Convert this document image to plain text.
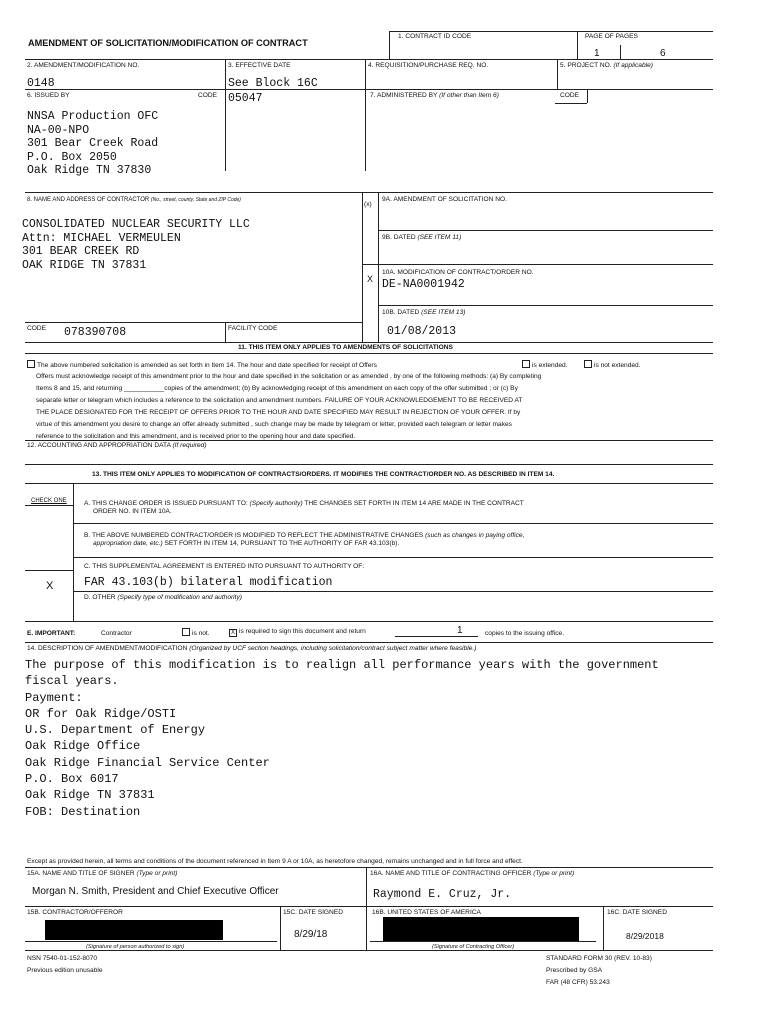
AMENDMENT OF SOLICITATION/MODIFICATION OF CONTRACT
1. CONTRACT ID CODE	PAGE OF PAGES
1	6
2. AMENDMENT/MODIFICATION NO.	3. EFFECTIVE DATE	4. REQUISITION/PURCHASE REQ. NO.	5. PROJECT NO. (If applicable)
0148	See Block 16C
6. ISSUED BY	CODE 05047	7. ADMINISTERED BY (If other than Item 6)	CODE
NNSA Production OFC
NA-00-NPO
301 Bear Creek Road
P.O. Box 2050
Oak Ridge TN 37830
8. NAME AND ADDRESS OF CONTRACTOR (No., street, county, State and ZIP Code)
(x)
9A. AMENDMENT OF SOLICITATION NO.
9B. DATED (SEE ITEM 11)
X
10A. MODIFICATION OF CONTRACT/ORDER NO.
DE-NA0001942
10B. DATED (SEE ITEM 13)
01/08/2013
CONSOLIDATED NUCLEAR SECURITY LLC
Attn: MICHAEL VERMEULEN
301 BEAR CREEK RD
OAK RIDGE TN 37831
CODE 078390708	FACILITY CODE
11. THIS ITEM ONLY APPLIES TO AMENDMENTS OF SOLICITATIONS
The above numbered solicitation is amended as set forth in Item 14. The hour and date specified for receipt of Offers	is extended.	is not extended.
Offers must acknowledge receipt of this amendment prior to the hour and date specified in the solicitation or as amended , by one of the following methods: (a) By completing
Items 8 and 15, and returning ___________copies of the amendment; (b) By acknowledging receipt of this amendment on each copy of the offer submitted ; or (c) By
separate letter or telegram which includes a reference to the solicitation and amendment numbers. FAILURE OF YOUR ACKNOWLEDGEMENT TO BE RECEIVED AT
THE PLACE DESIGNATED FOR THE RECEIPT OF OFFERS PRIOR TO THE HOUR AND DATE SPECIFIED MAY RESULT IN REJECTION OF YOUR OFFER. If by
virtue of this amendment you desire to change an offer already submitted , such change may be made by telegram or letter, provided each telegram or letter makes
reference to the solicitation and this amendment, and is received prior to the opening hour and date specified.
12. ACCOUNTING AND APPROPRIATION DATA (If required)
13. THIS ITEM ONLY APPLIES TO MODIFICATION OF CONTRACTS/ORDERS. IT MODIFIES THE CONTRACT/ORDER NO. AS DESCRIBED IN ITEM 14.
CHECK ONE	A. THIS CHANGE ORDER IS ISSUED PURSUANT TO: (Specify authority) THE CHANGES SET FORTH IN ITEM 14 ARE MADE IN THE CONTRACT
ORDER NO. IN ITEM 10A.
B. THE ABOVE NUMBERED CONTRACT/ORDER IS MODIFIED TO REFLECT THE ADMINISTRATIVE CHANGES (such as changes in paying office,
appropriation date, etc.) SET FORTH IN ITEM 14, PURSUANT TO THE AUTHORITY OF FAR 43.103(b).
C. THIS SUPPLEMENTAL AGREEMENT IS ENTERED INTO PURSUANT TO AUTHORITY OF:
X	FAR 43.103(b) bilateral modification
D. OTHER (Specify type of modification and authority)
E. IMPORTANT:	Contractor	is not.	X is required to sign this document and return	1	copies to the issuing office.
14. DESCRIPTION OF AMENDMENT/MODIFICATION (Organized by UCF section headings, including solicitation/contract subject matter where feasible.)
The purpose of this modification is to realign all performance years with the government
fiscal years.
Payment:
OR for Oak Ridge/OSTI
U.S. Department of Energy
Oak Ridge Office
Oak Ridge Financial Service Center
P.O. Box 6017
Oak Ridge TN 37831
FOB: Destination
Except as provided herein, all terms and conditions of the document referenced in Item 9 A or 10A, as heretofore changed, remains unchanged and in full force and effect.
15A. NAME AND TITLE OF SIGNER (Type or print)	16A. NAME AND TITLE OF CONTRACTING OFFICER (Type or print)
Morgan N. Smith, President and Chief Executive Officer	Raymond E. Cruz, Jr.
15B. CONTRACTOR/OFFEROR	15C. DATE SIGNED	16B. UNITED STATES OF AMERICA	16C. DATE SIGNED
(Signature of person authorized to sign)
8/29/18
(Signature of Contracting Officer)
8/29/2018
NSN 7540-01-152-8070
Previous edition unusable
STANDARD FORM 30 (REV. 10-83)
Prescribed by GSA
FAR (48 CFR) 53.243
